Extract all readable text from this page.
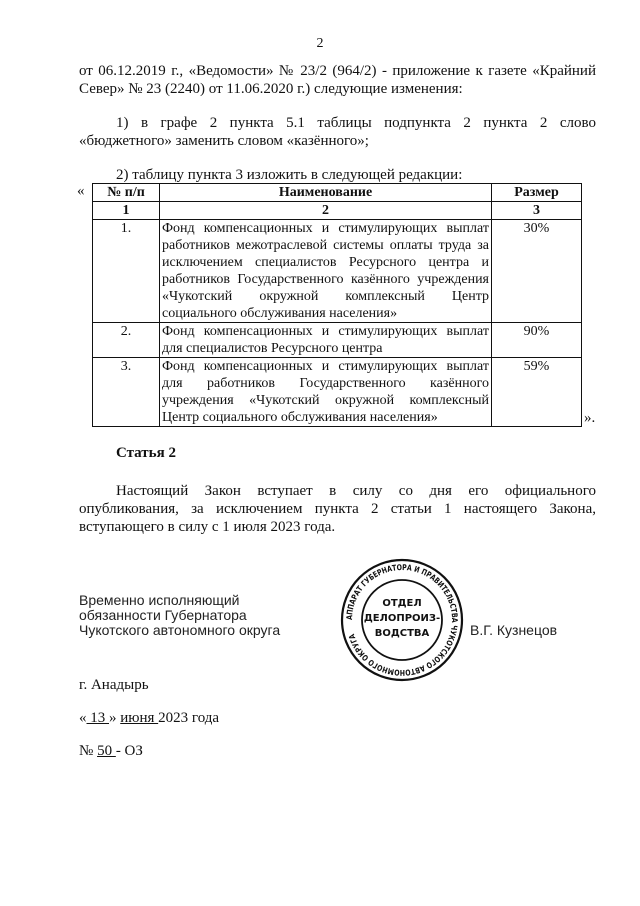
2

от 06.12.2019 г., «Ведомости» № 23/2 (964/2) - приложение к газете «Крайний Север» № 23 (2240) от 11.06.2020 г.) следующие изменения:

1) в графе 2 пункта 5.1 таблицы подпункта 2 пункта 2 слово «бюджетного» заменить словом «казённого»;

2) таблицу пункта 3 изложить в следующей редакции:

« № п/п	Наименование	Размер
1	2	3
1.	Фонд компенсационных и стимулирующих выплат работников межотраслевой системы оплаты труда за исключением специалистов Ресурсного центра и работников Государственного казённого учреждения «Чукотский окружной комплексный Центр социального обслуживания населения»	30%
2.	Фонд компенсационных и стимулирующих выплат для специалистов Ресурсного центра	90%
3.	Фонд компенсационных и стимулирующих выплат для работников Государственного казённого учреждения «Чукотский окружной комплексный Центр социального обслуживания населения»	59%
».
Статья 2

Настоящий Закон вступает в силу со дня его официального опубликования, за исключением пункта 2 статьи 1 настоящего Закона, вступающего в силу с 1 июля 2023 года.

Временно исполняющий
обязанности Губернатора
Чукотского автономного округа
АППАРАТ ГУБЕРНАТОРА И ПРАВИТЕЛЬСТВА ЧУКОТСКОГО АВТОНОМНОГО ОКРУГА
ОТДЕЛ
ДЕЛОПРОИЗ-
ВОДСТВА	В.Г. Кузнецов
г. Анадырь
« 13 » июня 2023 года
№ 50 - ОЗ
